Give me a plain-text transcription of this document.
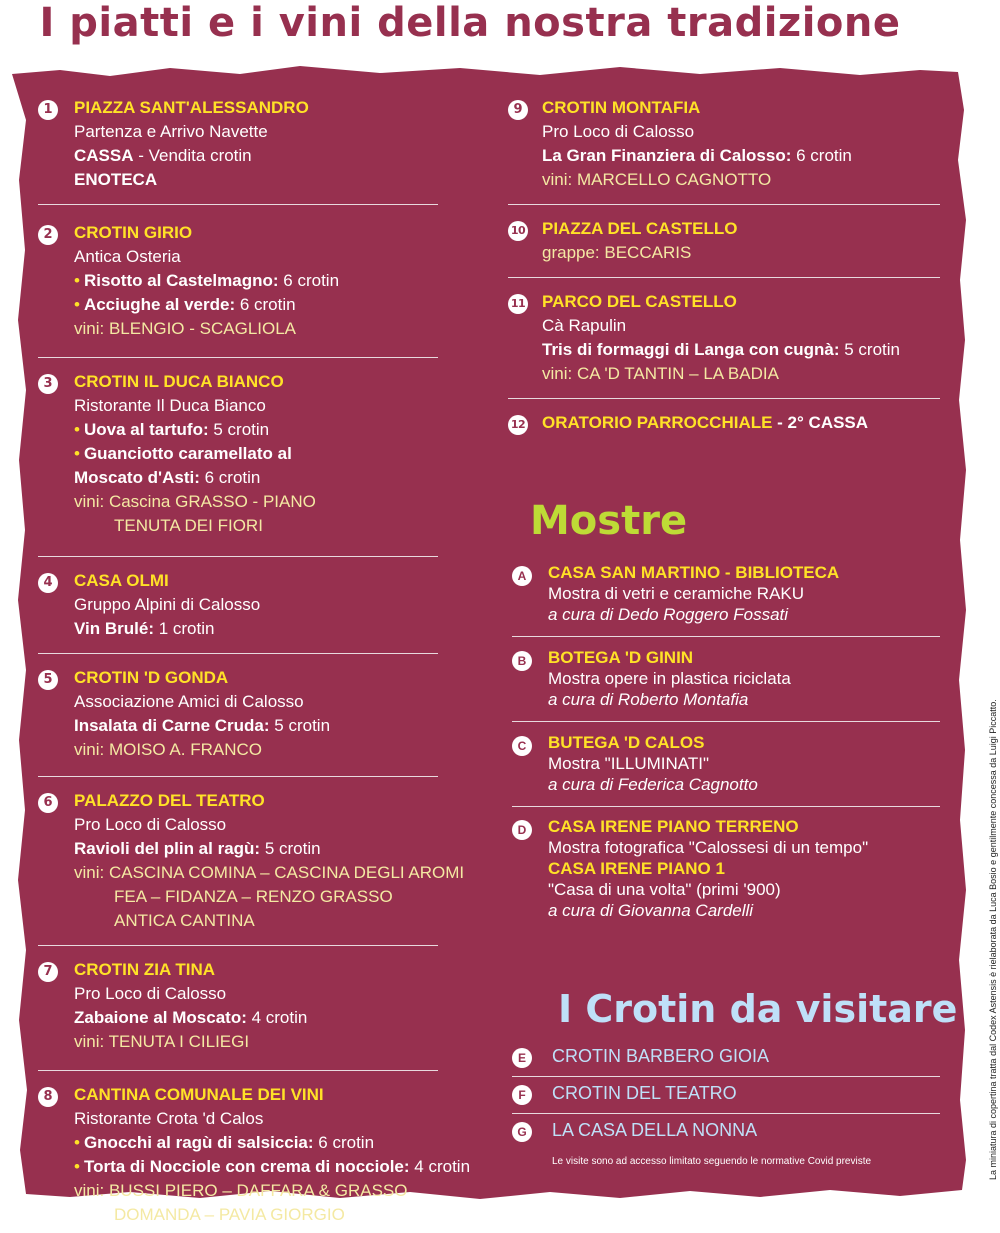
I piatti e i vini della nostra tradizione
1	PIAZZA SANT'ALESSANDRO
Partenza e Arrivo Navette
CASSA - Vendita crotin
ENOTECA
2	CROTIN GIRIO
Antica Osteria
• Risotto al Castelmagno: 6 crotin
• Acciughe al verde: 6 crotin
vini: BLENGIO - SCAGLIOLA
3	CROTIN IL DUCA BIANCO
Ristorante Il Duca Bianco
• Uova al tartufo: 5 crotin
• Guanciotto caramellato al
Moscato d'Asti: 6 crotin
vini: Cascina GRASSO - PIANO
TENUTA DEI FIORI
4	CASA OLMI
Gruppo Alpini di Calosso
Vin Brulé: 1 crotin
5	CROTIN 'D GONDA
Associazione Amici di Calosso
Insalata di Carne Cruda: 5 crotin
vini: MOISO A. FRANCO
6	PALAZZO DEL TEATRO
Pro Loco di Calosso
Ravioli del plin al ragù: 5 crotin
vini: CASCINA COMINA – CASCINA DEGLI AROMI
FEA – FIDANZA – RENZO GRASSO
ANTICA CANTINA
7	CROTIN ZIA TINA
Pro Loco di Calosso
Zabaione al Moscato: 4 crotin
vini: TENUTA I CILIEGI
8	CANTINA COMUNALE DEI VINI
Ristorante Crota 'd Calos
• Gnocchi al ragù di salsiccia: 6 crotin
• Torta di Nocciole con crema di nocciole: 4 crotin
vini: BUSSI PIERO – DAFFARA & GRASSO
DOMANDA – PAVIA GIORGIO
9	CROTIN MONTAFIA
Pro Loco di Calosso
La Gran Finanziera di Calosso: 6 crotin
vini: MARCELLO CAGNOTTO
10 PIAZZA DEL CASTELLO
grappe: BECCARIS
11 PARCO DEL CASTELLO
Cà Rapulin
Tris di formaggi di Langa con cugnà: 5 crotin
vini: CA 'D TANTIN – LA BADIA
12 ORATORIO PARROCCHIALE - 2° CASSA
Mostre
A	CASA SAN MARTINO - BIBLIOTECA
Mostra di vetri e ceramiche RAKU
a cura di Dedo Roggero Fossati
B	BOTEGA 'D GININ
Mostra opere in plastica riciclata
a cura di Roberto Montafia
C	BUTEGA 'D CALOS
Mostra "ILLUMINATI"
a cura di Federica Cagnotto
D	CASA IRENE PIANO TERRENO
Mostra fotografica "Calossesi di un tempo"
CASA IRENE PIANO 1
"Casa di una volta" (primi '900)
a cura di Giovanna Cardelli
I Crotin da visitare
E	CROTIN BARBERO GIOIA
F	CROTIN DEL TEATRO
G LA CASA DELLA NONNA
Le visite sono ad accesso limitato seguendo le normative Covid previste	La miniatura di copertina tratta dal Codex Astensis è rielaborata da Luca Bosio e gentilmente concessa da Luigi Piccatto.
